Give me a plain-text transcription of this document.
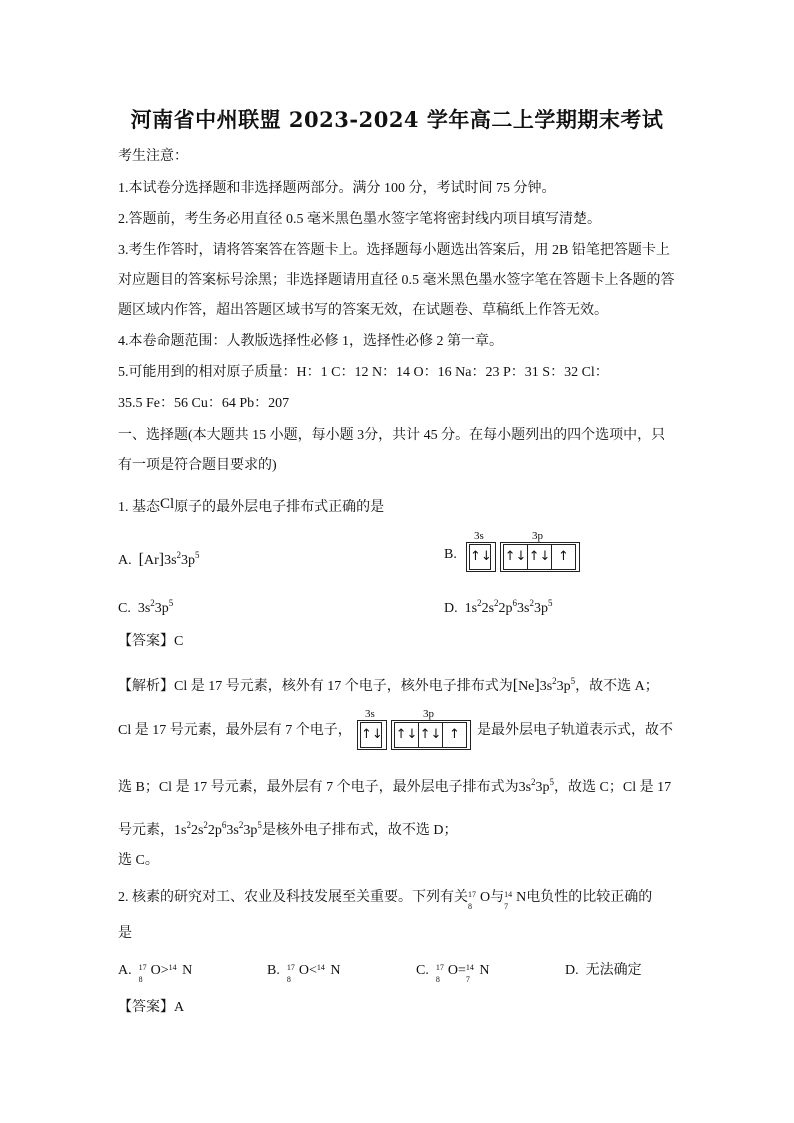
河南省中州联盟 2023-2024 学年高二上学期期末考试
考生注意：
1.本试卷分选择题和非选择题两部分。满分 100 分，考试时间 75 分钟。
2.答题前，考生务必用直径 0.5 毫米黑色墨水签字笔将密封线内项目填写清楚。
3.考生作答时，请将答案答在答题卡上。选择题每小题选出答案后，用 2B 铅笔把答题卡上
对应题目的答案标号涂黑；非选择题请用直径 0.5 毫米黑色墨水签字笔在答题卡上各题的答
题区域内作答，超出答题区域书写的答案无效，在试题卷、草稿纸上作答无效。
4.本卷命题范围：人教版选择性必修 1，选择性必修 2 第一章。
5.可能用到的相对原子质量：H：1 C：12 N：14 O：16 Na：23 P：31 S：32 Cl：
35.5 Fe：56 Cu：64 Pb：207
一、选择题(本大题共 15 小题，每小题 3分，共计 45 分。在每小题列出的四个选项中，只
有一项是符合题目要求的)
1. 基态Cl原子的最外层电子排布式正确的是
A. $[Ar]3s^23p^5$	B.
3s	3p
↑↓ ↑↓ ↑↓ ↑
C.  $3s^23p^5$	D.  $1s^22s^22p^63s^23p^5$
【答案】C
【解析】Cl 是 17 号元素，核外有 17 个电子，核外电子排布式为$[Ne]3s^23p^5$，故不选 A；
Cl 是 17 号元素，最外层有 7 个电子，
3s	3p
↑↓ ↑↓ ↑↓ ↑	是最外层电子轨道表示式，故不
选 B；Cl 是 17 号元素，最外层有 7 个电子，最外层电子排布式为$3s^23p^5$，故选 C；Cl 是 17
号元素，$1s^22s^22p^63s^23p^5$是核外电子排布式，故不选 D；
选 C。
2. 核素的研究对工、农业及科技发展至关重要。下列有关 17
8
O与 14
7
N电负性的比较正确的
是
A. 17
8
O> 14 N	B. 17
8
O< 14 N	C. 17
8
O= 14
7
N	D. 无法确定
【答案】A
